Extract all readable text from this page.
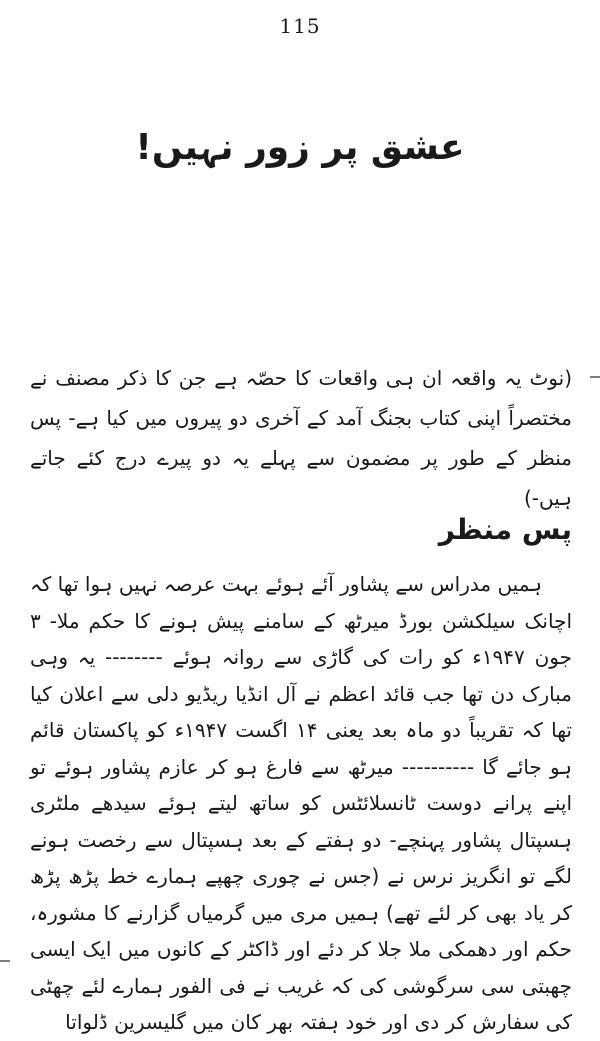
115
عشق پر زور نہیں!

(نوٹ یہ واقعہ ان ہی واقعات کا حصّہ ہے جن کا ذکر مصنف نے مختصراً اپنی کتاب بجنگ آمد کے آخری دو پیروں میں کیا ہے- پس منظر کے طور پر مضمون سے پہلے یہ دو پیرے درج کئے جاتے ہیں-)

پس منظر

ہمیں مدراس سے پشاور آئے ہوئے بہت عرصہ نہیں ہوا تھا کہ اچانک سیلکشن بورڈ میرٹھ کے سامنے پیش ہونے کا حکم ملا- ۳ جون ۱۹۴۷ء کو رات کی گاڑی سے روانہ ہوئے -------- یہ وہی مبارک دن تھا جب قائد اعظم نے آل انڈیا ریڈیو دلی سے اعلان کیا تھا کہ تقریباً دو ماہ بعد یعنی ۱۴ اگست ۱۹۴۷ء کو پاکستان قائم ہو جائے گا ---------- میرٹھ سے فارغ ہو کر عازم پشاور ہوئے تو اپنے پرانے دوست ٹانسلائٹس کو ساتھ لیتے ہوئے سیدھے ملٹری ہسپتال پشاور پہنچے- دو ہفتے کے بعد ہسپتال سے رخصت ہونے لگے تو انگریز نرس نے (جس نے چوری چھپے ہمارے خط پڑھ پڑھ کر یاد بھی کر لئے تھے) ہمیں مری میں گرمیاں گزارنے کا مشورہ، حکم اور دھمکی ملا جلا کر دئے اور ڈاکٹر کے کانوں میں ایک ایسی چھبتی سی سرگوشی کی کہ غریب نے فی الفور ہمارے لئے چھٹی کی سفارش کر دی اور خود ہفتہ بھر کان میں گلیسرین ڈلواتا
